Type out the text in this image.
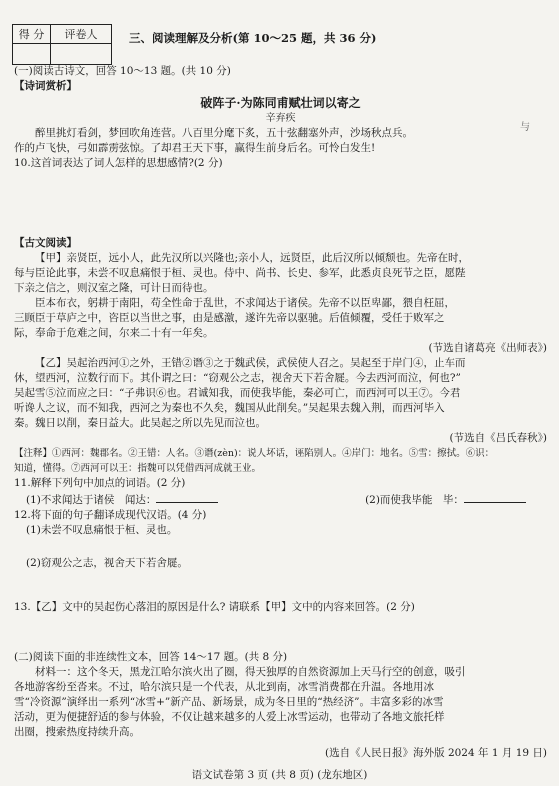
得 分	评卷人
		三、阅读理解及分析(第 10～25 题，共 36 分)
与
(一)阅读古诗文，回答 10～13 题。(共 10 分)
【诗词赏析】
破阵子·为陈同甫赋壮词以寄之
辛弃疾
醉里挑灯看剑，梦回吹角连营。八百里分麾下炙，五十弦翻塞外声，沙场秋点兵。
作的卢飞快，弓如霹雳弦惊。了却君王天下事，赢得生前身后名。可怜白发生!
10.这首词表达了词人怎样的思想感情?(2 分)
【古文阅读】
【甲】亲贤臣，远小人，此先汉所以兴隆也;亲小人，远贤臣，此后汉所以倾颓也。先帝在时，
每与臣论此事，未尝不叹息痛恨于桓、灵也。侍中、尚书、长史、参军，此悉贞良死节之臣，愿陛
下亲之信之，则汉室之隆，可计日而待也。
臣本布衣，躬耕于南阳，苟全性命于乱世，不求闻达于诸侯。先帝不以臣卑鄙，猥自枉屈，
三顾臣于草庐之中，咨臣以当世之事，由是感激，遂许先帝以驱驰。后值倾覆，受任于败军之
际，奉命于危难之间，尔来二十有一年矣。
(节选自诸葛亮《出师表》)
【乙】吴起治西河①之外，王错②谮③之于魏武侯，武侯使人召之。吴起至于岸门④，止车而
休，望西河，泣数行而下。其仆谓之曰：“窃观公之志，视舍天下若舍屣。今去西河而泣，何也?”
吴起雪⑤泣而应之曰：“子弗识⑥也。君诚知我，而使我毕能，秦必可亡，而西河可以王⑦。今君
听谗人之议，而不知我，西河之为秦也不久矣，魏国从此削矣。”吴起果去魏入荆，而西河毕入
秦。魏日以削，秦日益大。此吴起之所以先见而泣也。
(节选自《吕氏春秋》)
【注释】①西河：魏郡名。②王错：人名。③谮(zèn)：说人坏话，诬陷别人。④岸门：地名。⑤雪：擦拭。⑥识：
知道，懂得。⑦西河可以王：指魏可以凭借西河成就王业。
11.解释下列句中加点的词语。(2 分)
(1)不求闻达于诸侯　闻达：	(2)而使我毕能　毕：
12.将下面的句子翻译成现代汉语。(4 分)
(1)未尝不叹息痛恨于桓、灵也。
(2)窃观公之志，视舍天下若舍屣。
13.【乙】文中的吴起伤心落泪的原因是什么? 请联系【甲】文中的内容来回答。(2 分)
(二)阅读下面的非连续性文本，回答 14～17 题。(共 8 分)
材料一：这个冬天，黑龙江哈尔滨火出了圈，得天独厚的自然资源加上天马行空的创意，吸引
各地游客纷至沓来。不过，哈尔滨只是一个代表，从北到南，冰雪消费都在升温。各地用冰
雪“冷资源”演绎出一系列“冰雪+”新产品、新场景，成为冬日里的“热经济”。丰富多彩的冰雪
活动，更为便捷舒适的参与体验，不仅让越来越多的人爱上冰雪运动，也带动了各地文旅托样
出圈，搜索热度持续升高。
(选自《人民日报》海外版 2024 年 1 月 19 日)
语文试卷第 3 页 (共 8 页) (龙东地区)
